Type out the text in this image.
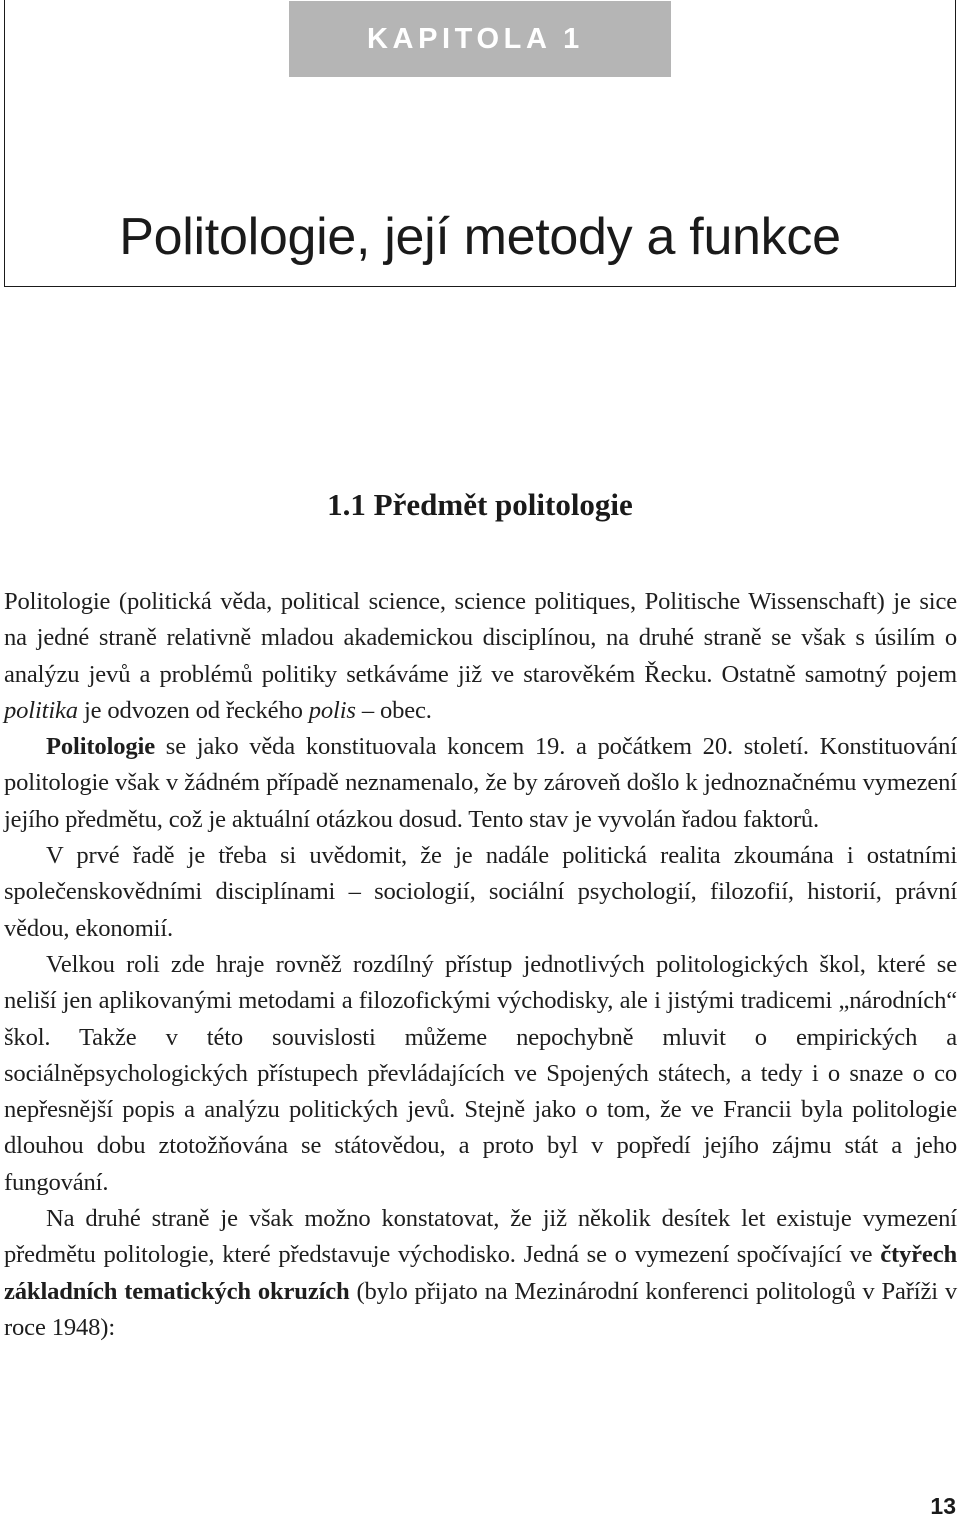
KAPITOLA 1
Politologie, její metody a funkce
1.1 Předmět politologie

Politologie (politická věda, political science, science politiques, Politische Wissenschaft) je sice na jedné straně relativně mladou akademickou disciplínou, na druhé straně se však s úsilím o analýzu jevů a problémů politiky setkáváme již ve starověkém Řecku. Ostatně samotný pojem politika je odvozen od řeckého polis – obec.

Politologie se jako věda konstituovala koncem 19. a počátkem 20. století. Konstituování politologie však v žádném případě neznamenalo, že by zároveň došlo k jednoznačnému vymezení jejího předmětu, což je aktuální otázkou dosud. Tento stav je vyvolán řadou faktorů.

V prvé řadě je třeba si uvědomit, že je nadále politická realita zkoumána i ostatními společenskovědními disciplínami – sociologií, sociální psychologií, filozofií, historií, právní vědou, ekonomií.

Velkou roli zde hraje rovněž rozdílný přístup jednotlivých politologických škol, které se neliší jen aplikovanými metodami a filozofickými východisky, ale i jistými tradicemi „národních“ škol. Takže v této souvislosti můžeme nepochybně mluvit o empirických a sociálněpsychologických přístupech převládajících ve Spojených státech, a tedy i o snaze o co nepřesnější popis a analýzu politických jevů. Stejně jako o tom, že ve Francii byla politologie dlouhou dobu ztotožňována se státovědou, a proto byl v popředí jejího zájmu stát a jeho fungování.

Na druhé straně je však možno konstatovat, že již několik desítek let existuje vymezení předmětu politologie, které představuje východisko. Jedná se o vymezení spočívající ve čtyřech základních tematických okruzích (bylo přijato na Mezinárodní konferenci politologů v Paříži v roce 1948):

13
